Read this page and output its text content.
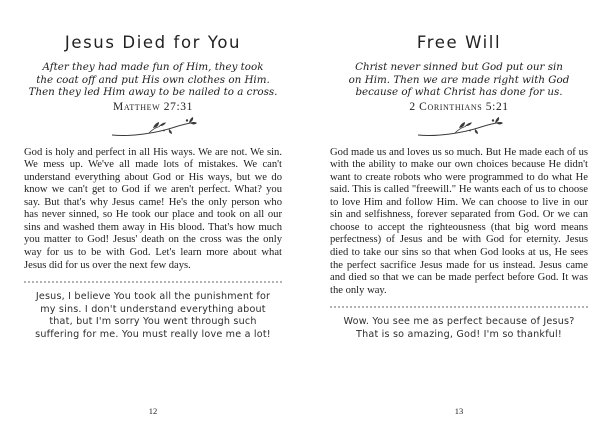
Jesus Died for You
After they had made fun of Him, they took
the coat off and put His own clothes on Him.
Then they led Him away to be nailed to a cross.
Matthew 27:31

God is holy and perfect in all His ways. We are not. We sin. We mess up. We've all made lots of mistakes. We can't understand everything about God or His ways, but we do know we can't get to God if we aren't perfect. What? you say. But that's why Jesus came! He's the only person who has never sinned, so He took our place and took on all our sins and washed them away in His blood. That's how much you matter to God! Jesus' death on the cross was the only way for us to be with God. Let's learn more about what Jesus did for us over the next few days.

Jesus, I believe You took all the punishment for
my sins. I don't understand everything about
that, but I'm sorry You went through such
suffering for me. You must really love me a lot!
12
Free Will
Christ never sinned but God put our sin
on Him. Then we are made right with God
because of what Christ has done for us.
2 Corinthians 5:21

God made us and loves us so much. But He made each of us with the ability to make our own choices because He didn't want to create robots who were programmed to do what He said. This is called "freewill." He wants each of us to choose to love Him and follow Him. We can choose to live in our sin and selfishness, forever separated from God. Or we can choose to accept the righteousness (that big word means perfectness) of Jesus and be with God for eternity. Jesus died to take our sins so that when God looks at us, He sees the perfect sacrifice Jesus made for us instead. Jesus came and died so that we can be made perfect before God. It was the only way.

Wow. You see me as perfect because of Jesus?
That is so amazing, God! I'm so thankful!
13
